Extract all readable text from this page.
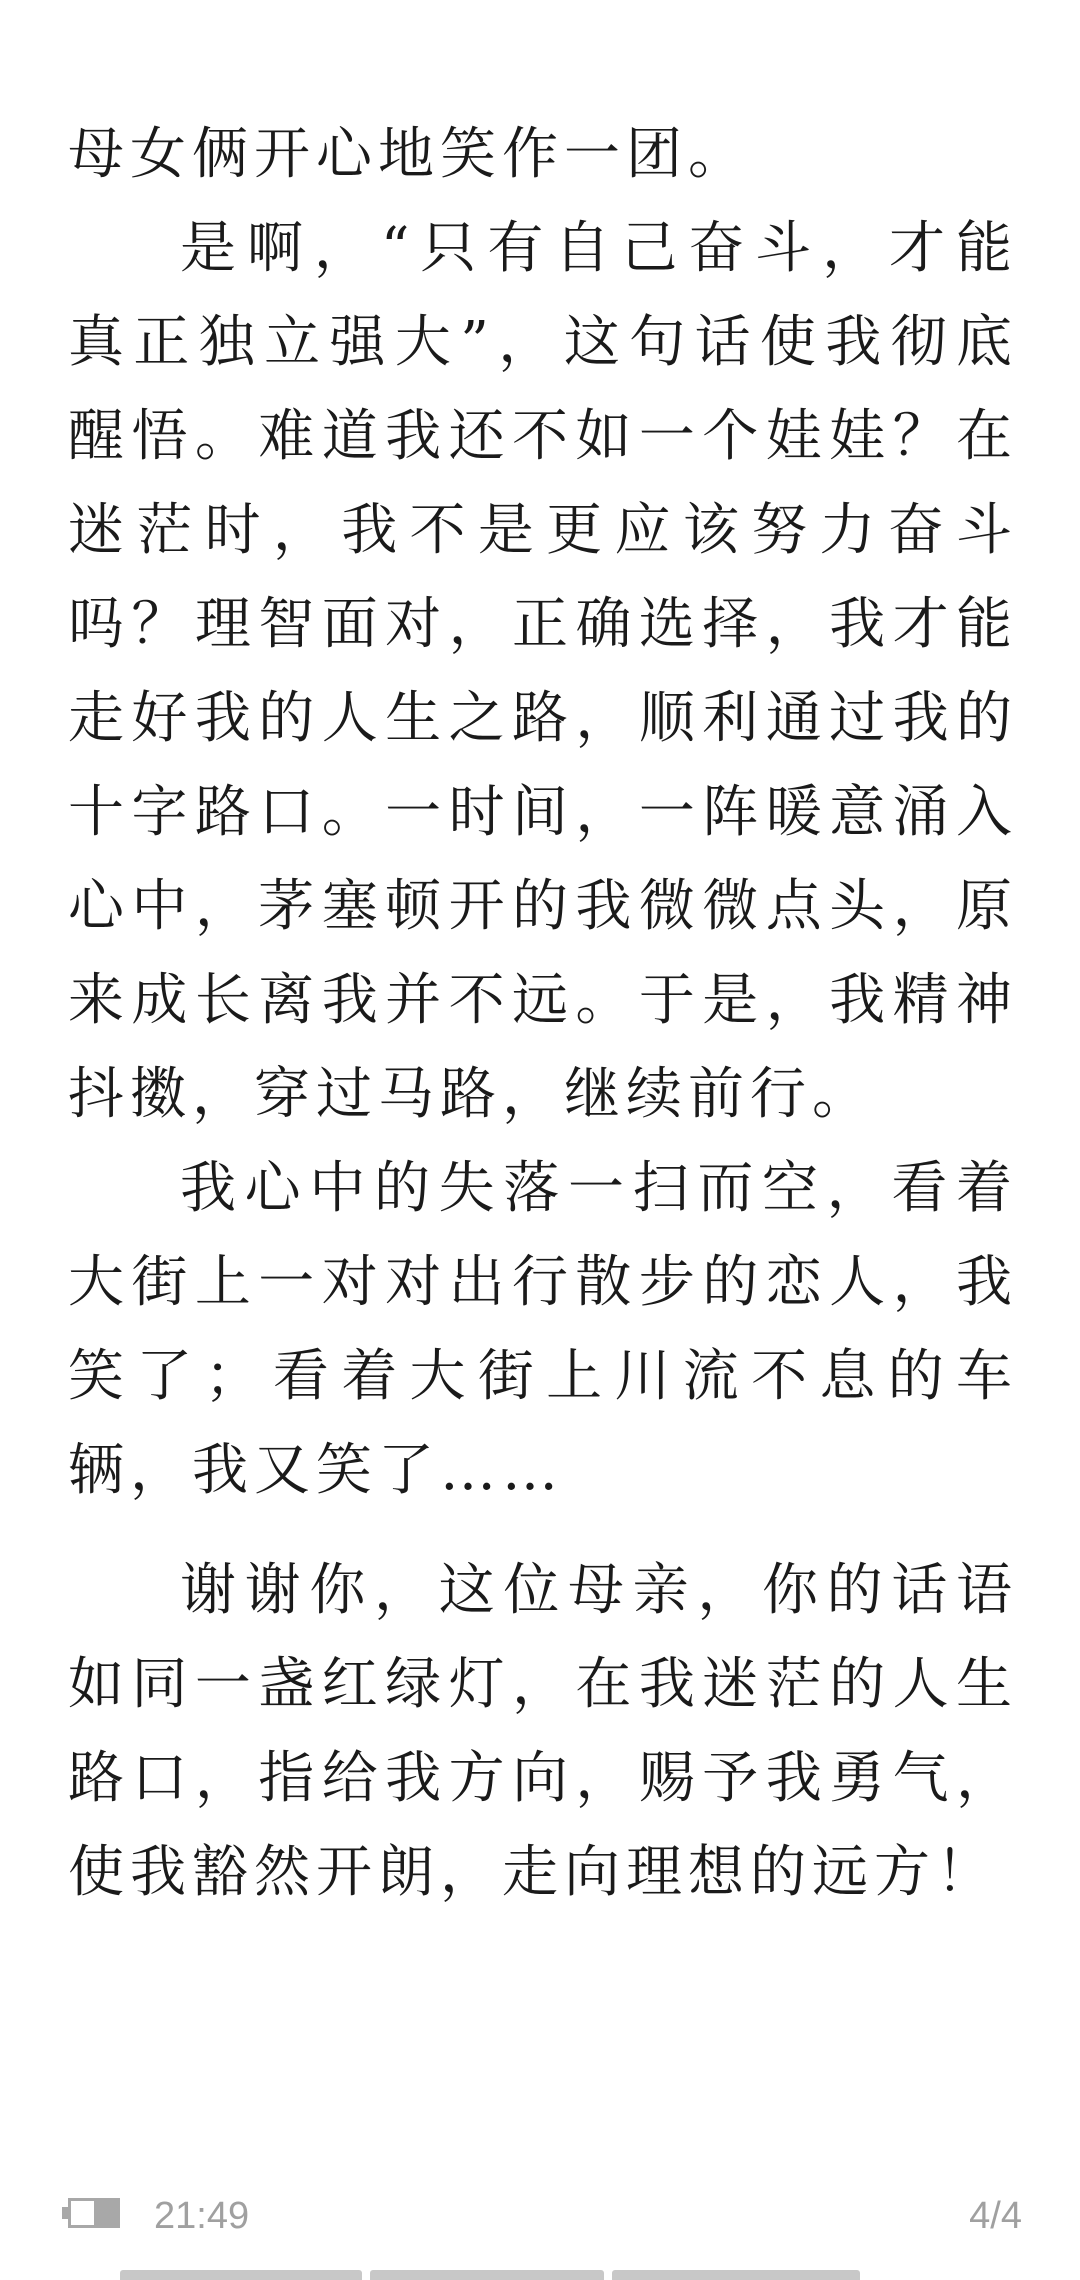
母女俩开心地笑作一团。

是啊，“只有自己奋斗，才能真正独立强大”，这句话使我彻底醒悟。难道我还不如一个娃娃？在迷茫时，我不是更应该努力奋斗吗？理智面对，正确选择，我才能走好我的人生之路，顺利通过我的十字路口。一时间，一阵暖意涌入心中，茅塞顿开的我微微点头，原来成长离我并不远。于是，我精神抖擞，穿过马路，继续前行。

我心中的失落一扫而空，看着大街上一对对出行散步的恋人，我笑了；看着大街上川流不息的车辆，我又笑了……

谢谢你，这位母亲，你的话语如同一盏红绿灯，在我迷茫的人生路口，指给我方向，赐予我勇气，使我豁然开朗，走向理想的远方！

21:49	4/4
